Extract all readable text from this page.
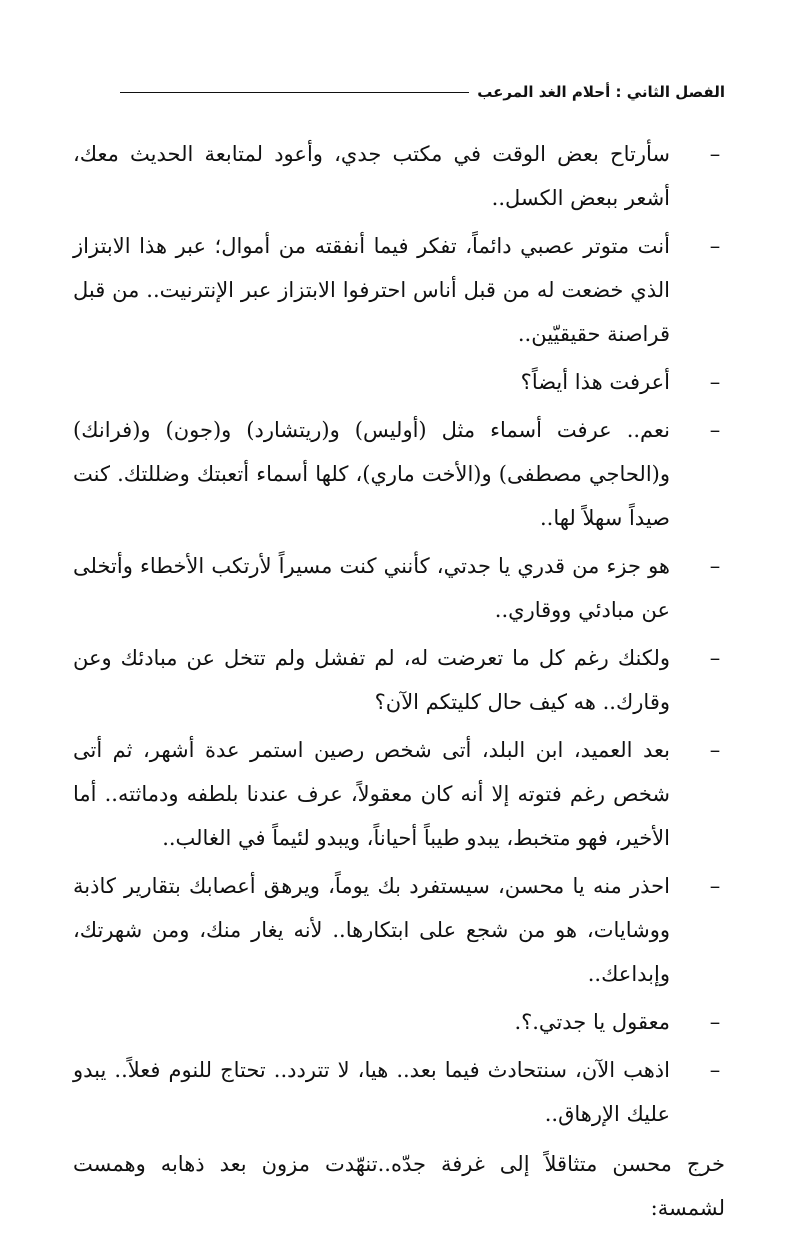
الفصل الثاني : أحلام الغد المرعب
–
سأرتاح بعض الوقت في مكتب جدي، وأعود لمتابعة الحديث معك، أشعر ببعض الكسل..
–
أنت متوتر عصبي دائماً، تفكر فيما أنفقته من أموال؛ عبر هذا الابتزاز الذي خضعت له من قبل أناس احترفوا الابتزاز عبر الإنترنيت.. من قبل قراصنة حقيقيّين..
–
أعرفت هذا أيضاً؟
–
نعم.. عرفت أسماء مثل (أوليس) و(ريتشارد) و(جون) و(فرانك) و(الحاجي مصطفى) و(الأخت ماري)، كلها أسماء أتعبتك وضللتك. كنت صيداً سهلاً لها..
–
هو جزء من قدري يا جدتي، كأنني كنت مسيراً لأرتكب الأخطاء وأتخلى عن مبادئي ووقاري..
–
ولكنك رغم كل ما تعرضت له، لم تفشل ولم تتخل عن مبادئك وعن وقارك.. هه كيف حال كليتكم الآن؟
–
بعد العميد، ابن البلد، أتى شخص رصين استمر عدة أشهر، ثم أتى شخص رغم فتوته إلا أنه كان معقولاً، عرف عندنا بلطفه ودماثته.. أما الأخير، فهو متخبط، يبدو طيباً أحياناً، ويبدو لئيماً في الغالب..
–
احذر منه يا محسن، سيستفرد بك يوماً، ويرهق أعصابك بتقارير كاذبة ووشايات، هو من شجع على ابتكارها.. لأنه يغار منك، ومن شهرتك، وإبداعك..
–
معقول يا جدتي.؟.
–
اذهب الآن، سنتحادث فيما بعد.. هيا، لا تتردد.. تحتاج للنوم فعلاً.. يبدو عليك الإرهاق..

خرج محسن متثاقلاً إلى غرفة جدّه..تنهّدت مزون بعد ذهابه وهمست لشمسة:
